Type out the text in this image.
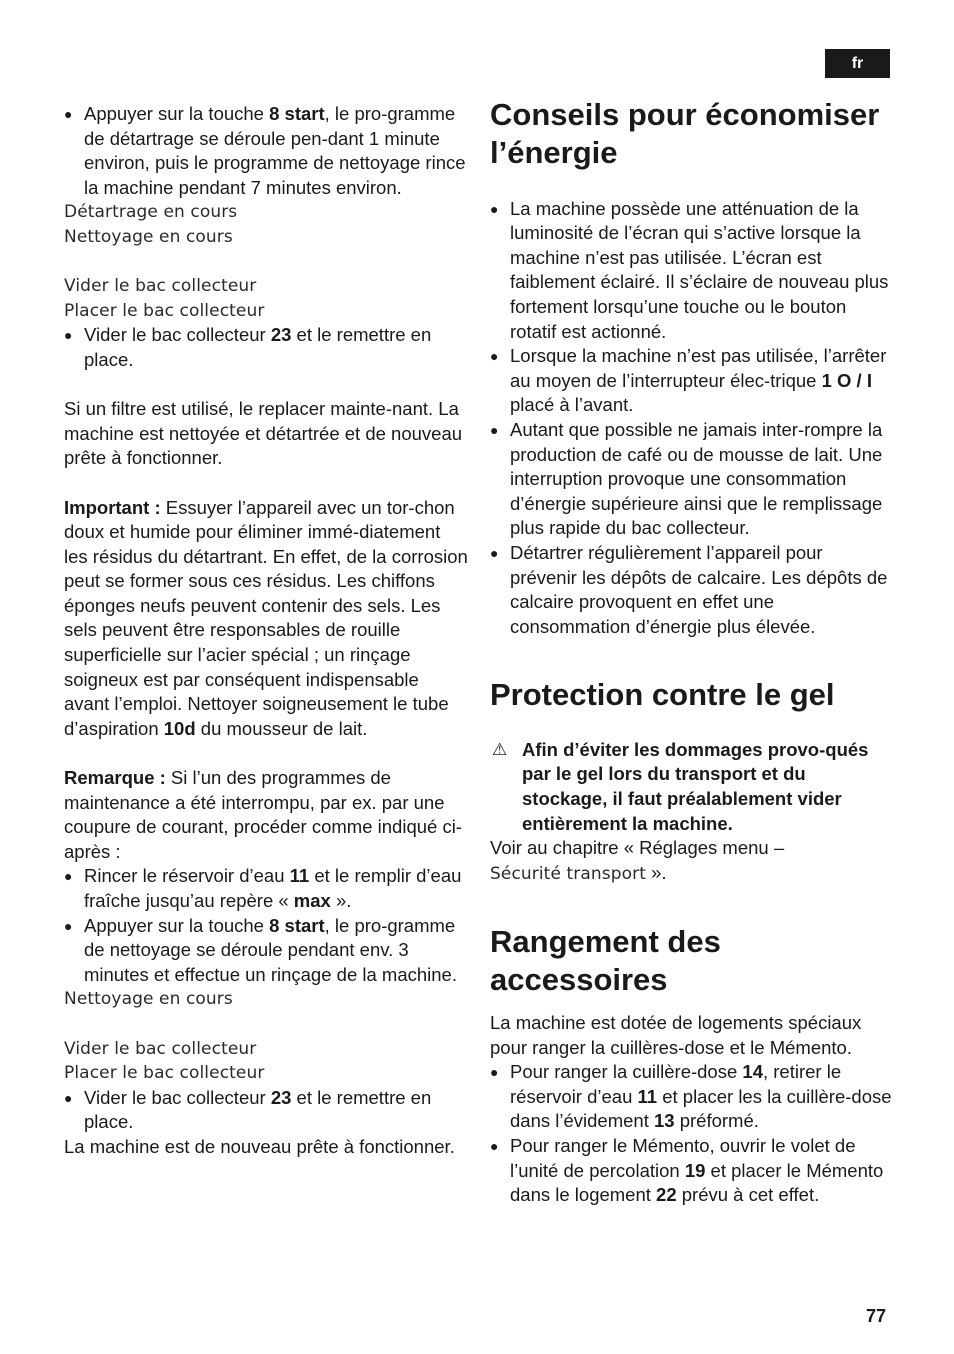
fr
● Appuyer sur la touche 8 start, le pro-gramme de détartrage se déroule pen-dant 1 minute environ, puis le programme de nettoyage rince la machine pendant 7 minutes environ.
Détartrage en cours
Nettoyage en cours
Vider le bac collecteur
Placer le bac collecteur
● Vider le bac collecteur 23 et le remettre en place.

Si un filtre est utilisé, le replacer mainte-nant. La machine est nettoyée et détartrée et de nouveau prête à fonctionner.

Important : Essuyer l’appareil avec un tor-chon doux et humide pour éliminer immé-diatement les résidus du détartrant. En effet, de la corrosion peut se former sous ces résidus. Les chiffons éponges neufs peuvent contenir des sels. Les sels peuvent être responsables de rouille superficielle sur l’acier spécial ; un rinçage soigneux est par conséquent indispensable avant l’emploi. Nettoyer soigneusement le tube d’aspiration 10d du mousseur de lait.

Remarque : Si l’un des programmes de maintenance a été interrompu, par ex. par une coupure de courant, procéder comme indiqué ci-après :

● Rincer le réservoir d’eau 11 et le remplir d’eau fraîche jusqu’au repère « max ».
● Appuyer sur la touche 8 start, le pro-gramme de nettoyage se déroule pendant env. 3 minutes et effectue un rinçage de la machine.
Nettoyage en cours
Vider le bac collecteur
Placer le bac collecteur
● Vider le bac collecteur 23 et le remettre en place.

La machine est de nouveau prête à fonctionner.

Conseils pour économiser l’énergie
● La machine possède une atténuation de la luminosité de l’écran qui s’active lorsque la machine n’est pas utilisée. L’écran est faiblement éclairé. Il s’éclaire de nouveau plus fortement lorsqu’une touche ou le bouton rotatif est actionné.
● Lorsque la machine n’est pas utilisée, l’arrêter au moyen de l’interrupteur élec-trique 1 O / I placé à l’avant.
● Autant que possible ne jamais inter-rompre la production de café ou de mousse de lait. Une interruption provoque une consommation d’énergie supérieure ainsi que le remplissage plus rapide du bac collecteur.
● Détartrer régulièrement l’appareil pour prévenir les dépôts de calcaire. Les dépôts de calcaire provoquent en effet une consommation d’énergie plus élevée.
Protection contre le gel
⚠ Afin d’éviter les dommages provo-qués par le gel lors du transport et du stockage, il faut préalablement vider entièrement la machine.

Voir au chapitre « Réglages menu –

Sécurité transport ».

Rangement des accessoires

La machine est dotée de logements spéciaux pour ranger la cuillères-dose et le Mémento.

● Pour ranger la cuillère-dose 14, retirer le réservoir d’eau 11 et placer les la cuillère-dose dans l’évidement 13 préformé.
● Pour ranger le Mémento, ouvrir le volet de l’unité de percolation 19 et placer le Mémento dans le logement 22 prévu à cet effet.
77
